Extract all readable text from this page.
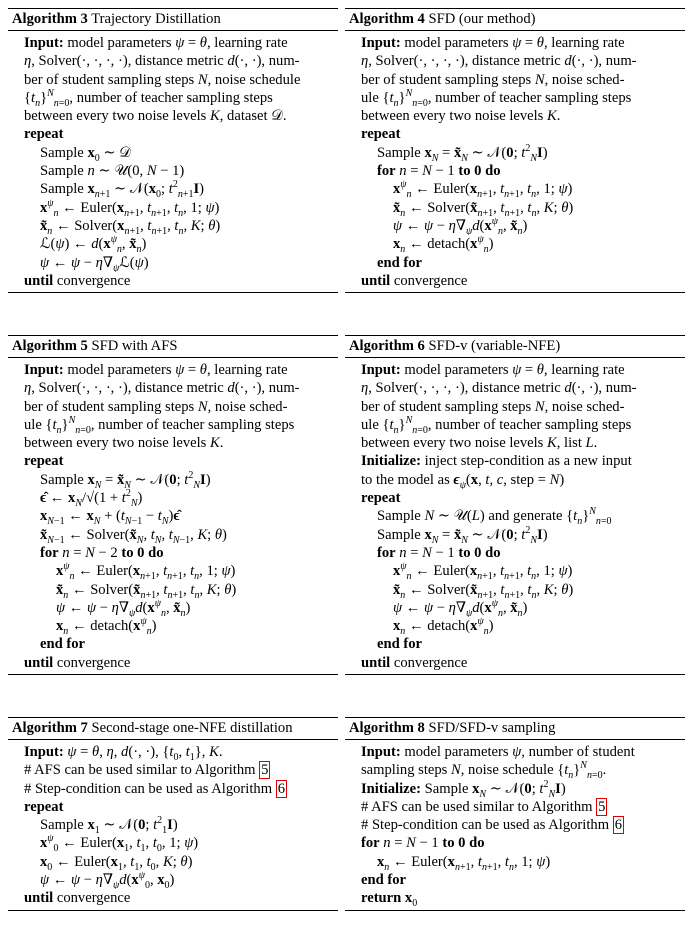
Algorithm 3 Trajectory Distillation
Input: model parameters ψ = θ, learning rate
η, Solver(·, ·, ·, ·), distance metric d(·, ·), num-
ber of student sampling steps N, noise schedule
$\{t_n\}^N_{n=0}$, number of teacher sampling steps
between every two noise levels K, dataset 𝒟.
repeat
Sample $x_0$ ∼ 𝒟
Sample n ∼ 𝒰(0, N − 1)
Sample $x_{n+1}$ ∼ $𝒩(x_0$; $t^2_{n+1}I$)
$x^\psi_n$ ← $Euler(x_{n+1}$, $t_{n+1}$, $t_n$, 1; ψ)
$x̃_n$ ← $Solver(x_{n+1}$, $t_{n+1}$, $t_n$, K; θ)
ℒ(ψ) ← $d(x^\psi_n$, $x̃_n$)
ψ ← $\psi - \eta\nabla_\psi ℒ(\psi)$
until convergence
Algorithm 4 SFD (our method)
Input: model parameters ψ = θ, learning rate
η, Solver(·, ·, ·, ·), distance metric d(·, ·), num-
ber of student sampling steps N, noise sched-
ule $\{t_n\}^N_{n=0}$, number of teacher sampling steps
between every two noise levels K.
repeat
Sample $x_N$ = $x̃_N$ ∼ 𝒩(0; $t^2_NI$)
for n = N − 1 to 0 do
$x^\psi_n$ ← $Euler(x_{n+1}$, $t_{n+1}$, $t_n$, 1; ψ)
$x̃_n$ ← $Solver(x̃_{n+1}$, $t_{n+1}$, $t_n$, K; θ)
ψ ← $\psi - \eta\nabla_\psi d(x^\psi_n$, $x̃_n$)
$x_n$ ← $detach(x^\psi_n)$
end for
until convergence
Algorithm 5 SFD with AFS
Input: model parameters ψ = θ, learning rate
η, Solver(·, ·, ·, ·), distance metric d(·, ·), num-
ber of student sampling steps N, noise sched-
ule $\{t_n\}^N_{n=0}$, number of teacher sampling steps
between every two noise levels K.
repeat
Sample $x_N$ = $x̃_N$ ∼ 𝒩(0; $t^2_NI$)
ϵ̂ ← $x_N/√(1 + t^2_N)$
$x_{N-1}$ ← $x_N + (t_{N-1}$ − $t_N)\epsilon̂$
$x̃_{N-1}$ ← $Solver(x̃_N$, $t_N$, $t_{N-1}$, K; θ)
for n = N − 2 to 0 do
$x^\psi_n$ ← $Euler(x_{n+1}$, $t_{n+1}$, $t_n$, 1; ψ)
$x̃_n$ ← $Solver(x̃_{n+1}$, $t_{n+1}$, $t_n$, K; θ)
ψ ← $\psi - \eta\nabla_\psi d(x^\psi_n$, $x̃_n$)
$x_n$ ← $detach(x^\psi_n)$
end for
until convergence
Algorithm 6 SFD-v (variable-NFE)
Input: model parameters ψ = θ, learning rate
η, Solver(·, ·, ·, ·), distance metric d(·, ·), num-
ber of student sampling steps N, noise sched-
ule $\{t_n\}^N_{n=0}$, number of teacher sampling steps
between every two noise levels K, list L.
Initialize: inject step-condition as a new input
to the model as $\epsilon_\psi(x$, t, c, step = N)
repeat
Sample N ∼ 𝒰(L) and generate $\{t_n\}^N_{n=0}$
Sample $x_N$ = $x̃_N$ ∼ 𝒩(0; $t^2_NI$)
for n = N − 1 to 0 do
$x^\psi_n$ ← $Euler(x_{n+1}$, $t_{n+1}$, $t_n$, 1; ψ)
$x̃_n$ ← $Solver(x̃_{n+1}$, $t_{n+1}$, $t_n$, K; θ)
ψ ← $\psi - \eta\nabla_\psi d(x^\psi_n$, $x̃_n$)
$x_n$ ← $detach(x^\psi_n)$
end for
until convergence
Algorithm 7 Second-stage one-NFE distillation
Input: ψ = θ, η, d(·, ·), {$t_0$, $t_1$}, K.
# AFS can be used similar to Algorithm 5
# Step-condition can be used as Algorithm 6
repeat
Sample $x_1$ ∼ 𝒩(0; $t^2_1I$)
$x^\psi_0$ ← $Euler(x_1$, $t_1$, $t_0$, 1; ψ)
$x_0$ ← $Euler(x_1$, $t_1$, $t_0$, K; θ)
ψ ← $\psi - \eta\nabla_\psi d(x^\psi_0$, $x_0$)
until convergence
Algorithm 8 SFD/SFD-v sampling
Input: model parameters ψ, number of student
sampling steps N, noise schedule $\{t_n\}^N_{n=0}$.
Initialize: Sample $x_N$ ∼ 𝒩(0; $t^2_NI$)
# AFS can be used similar to Algorithm 5
# Step-condition can be used as Algorithm 6
for n = N − 1 to 0 do
$x_n$ ← $Euler(x_{n+1}$, $t_{n+1}$, $t_n$, 1; ψ)
end for
return $x_0$
